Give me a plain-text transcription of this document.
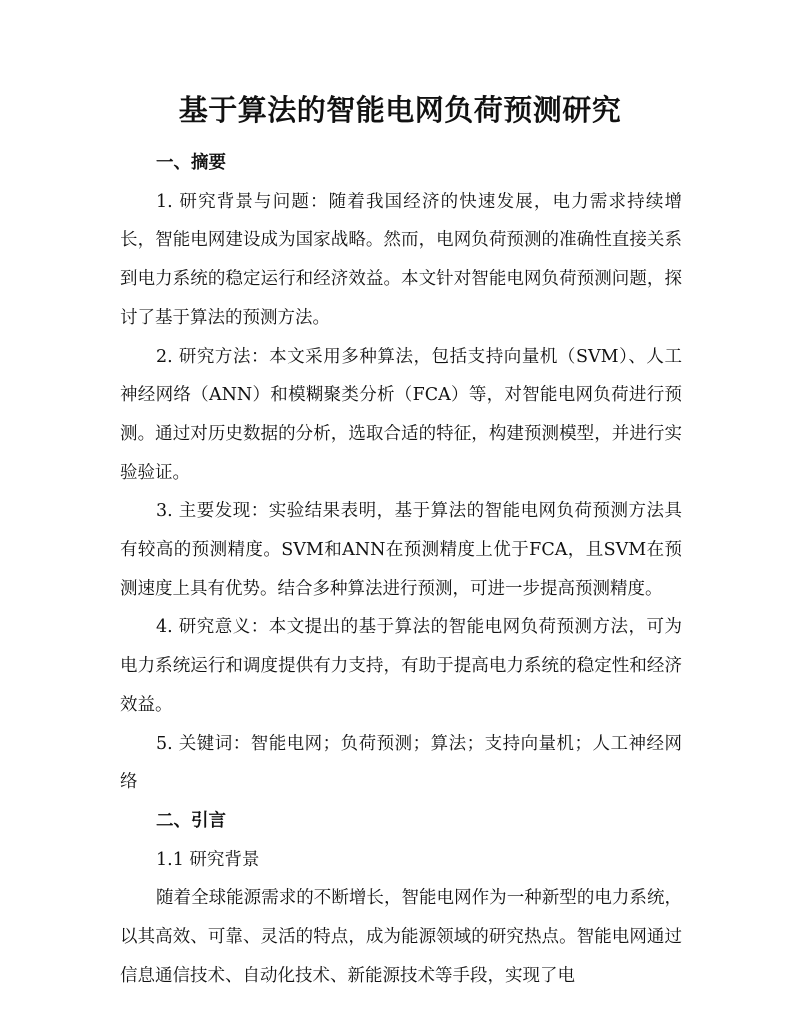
基于算法的智能电网负荷预测研究

一、摘要

1. 研究背景与问题：随着我国经济的快速发展，电力需求持续增长，智能电网建设成为国家战略。然而，电网负荷预测的准确性直接关系到电力系统的稳定运行和经济效益。本文针对智能电网负荷预测问题，探讨了基于算法的预测方法。

2. 研究方法：本文采用多种算法，包括支持向量机（SVM）、人工神经网络（ANN）和模糊聚类分析（FCA）等，对智能电网负荷进行预测。通过对历史数据的分析，选取合适的特征，构建预测模型，并进行实验验证。

3. 主要发现：实验结果表明，基于算法的智能电网负荷预测方法具有较高的预测精度。SVM和ANN在预测精度上优于FCA，且SVM在预测速度上具有优势。结合多种算法进行预测，可进一步提高预测精度。

4. 研究意义：本文提出的基于算法的智能电网负荷预测方法，可为电力系统运行和调度提供有力支持，有助于提高电力系统的稳定性和经济效益。

5. 关键词：智能电网；负荷预测；算法；支持向量机；人工神经网络

二、引言

1.1 研究背景

随着全球能源需求的不断增长，智能电网作为一种新型的电力系统，以其高效、可靠、灵活的特点，成为能源领域的研究热点。智能电网通过信息通信技术、自动化技术、新能源技术等手段，实现了电
